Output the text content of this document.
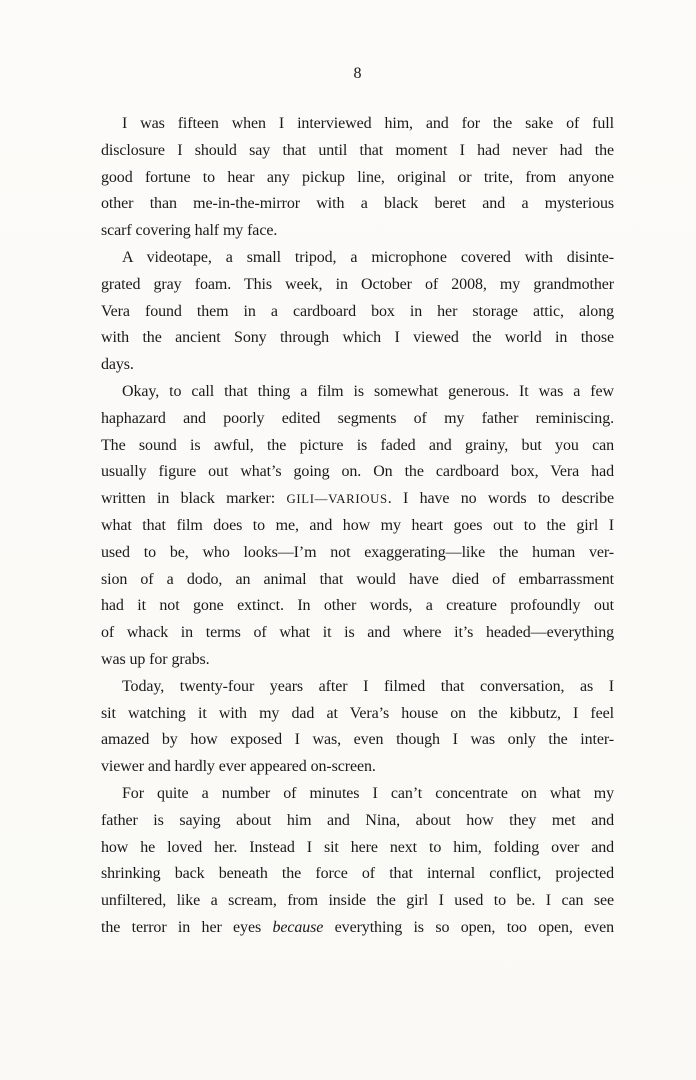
8
I was fifteen when I interviewed him, and for the sake of full
disclosure I should say that until that moment I had never had the
good fortune to hear any pickup line, original or trite, from anyone
other than me-in-the-mirror with a black beret and a mysterious
scarf covering half my face.
A videotape, a small tripod, a microphone covered with disinte-
grated gray foam. This week, in October of 2008, my grandmother
Vera found them in a cardboard box in her storage attic, along
with the ancient Sony through which I viewed the world in those
days.
Okay, to call that thing a film is somewhat generous. It was a few
haphazard and poorly edited segments of my father reminiscing.
The sound is awful, the picture is faded and grainy, but you can
usually figure out what’s going on. On the cardboard box, Vera had
written in black marker: GILI—VARIOUS. I have no words to describe
what that film does to me, and how my heart goes out to the girl I
used to be, who looks—I’m not exaggerating—like the human ver-
sion of a dodo, an animal that would have died of embarrassment
had it not gone extinct. In other words, a creature profoundly out
of whack in terms of what it is and where it’s headed—everything
was up for grabs.
Today, twenty-four years after I filmed that conversation, as I
sit watching it with my dad at Vera’s house on the kibbutz, I feel
amazed by how exposed I was, even though I was only the inter-
viewer and hardly ever appeared on-screen.
For quite a number of minutes I can’t concentrate on what my
father is saying about him and Nina, about how they met and
how he loved her. Instead I sit here next to him, folding over and
shrinking back beneath the force of that internal conflict, projected
unfiltered, like a scream, from inside the girl I used to be. I can see
the terror in her eyes because everything is so open, too open, even
